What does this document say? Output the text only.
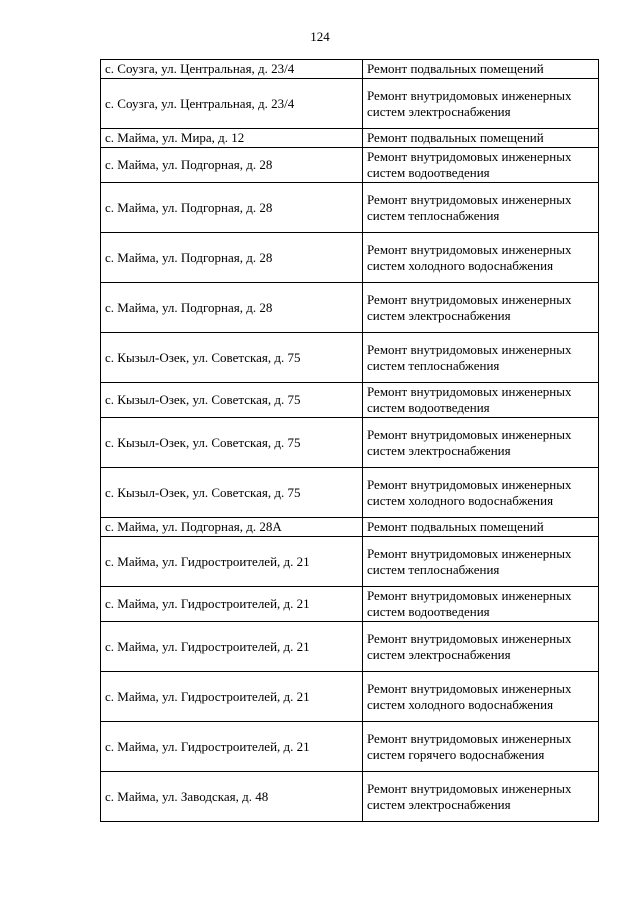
124
с. Соузга, ул. Центральная, д. 23/4	Ремонт подвальных помещений
с. Соузга, ул. Центральная, д. 23/4	Ремонт внутридомовых инженерных систем электроснабжения
с. Майма, ул. Мира, д. 12	Ремонт подвальных помещений
с. Майма, ул. Подгорная, д. 28	Ремонт внутридомовых инженерных систем водоотведения
с. Майма, ул. Подгорная, д. 28	Ремонт внутридомовых инженерных систем теплоснабжения
с. Майма, ул. Подгорная, д. 28	Ремонт внутридомовых инженерных систем холодного водоснабжения
с. Майма, ул. Подгорная, д. 28	Ремонт внутридомовых инженерных систем электроснабжения
с. Кызыл-Озек, ул. Советская, д. 75	Ремонт внутридомовых инженерных систем теплоснабжения
с. Кызыл-Озек, ул. Советская, д. 75	Ремонт внутридомовых инженерных систем водоотведения
с. Кызыл-Озек, ул. Советская, д. 75	Ремонт внутридомовых инженерных систем электроснабжения
с. Кызыл-Озек, ул. Советская, д. 75	Ремонт внутридомовых инженерных систем холодного водоснабжения
с. Майма, ул. Подгорная, д. 28А	Ремонт подвальных помещений
с. Майма, ул. Гидростроителей, д. 21	Ремонт внутридомовых инженерных систем теплоснабжения
с. Майма, ул. Гидростроителей, д. 21	Ремонт внутридомовых инженерных систем водоотведения
с. Майма, ул. Гидростроителей, д. 21	Ремонт внутридомовых инженерных систем электроснабжения
с. Майма, ул. Гидростроителей, д. 21	Ремонт внутридомовых инженерных систем холодного водоснабжения
с. Майма, ул. Гидростроителей, д. 21	Ремонт внутридомовых инженерных систем горячего водоснабжения
с. Майма, ул. Заводская, д. 48	Ремонт внутридомовых инженерных систем электроснабжения
